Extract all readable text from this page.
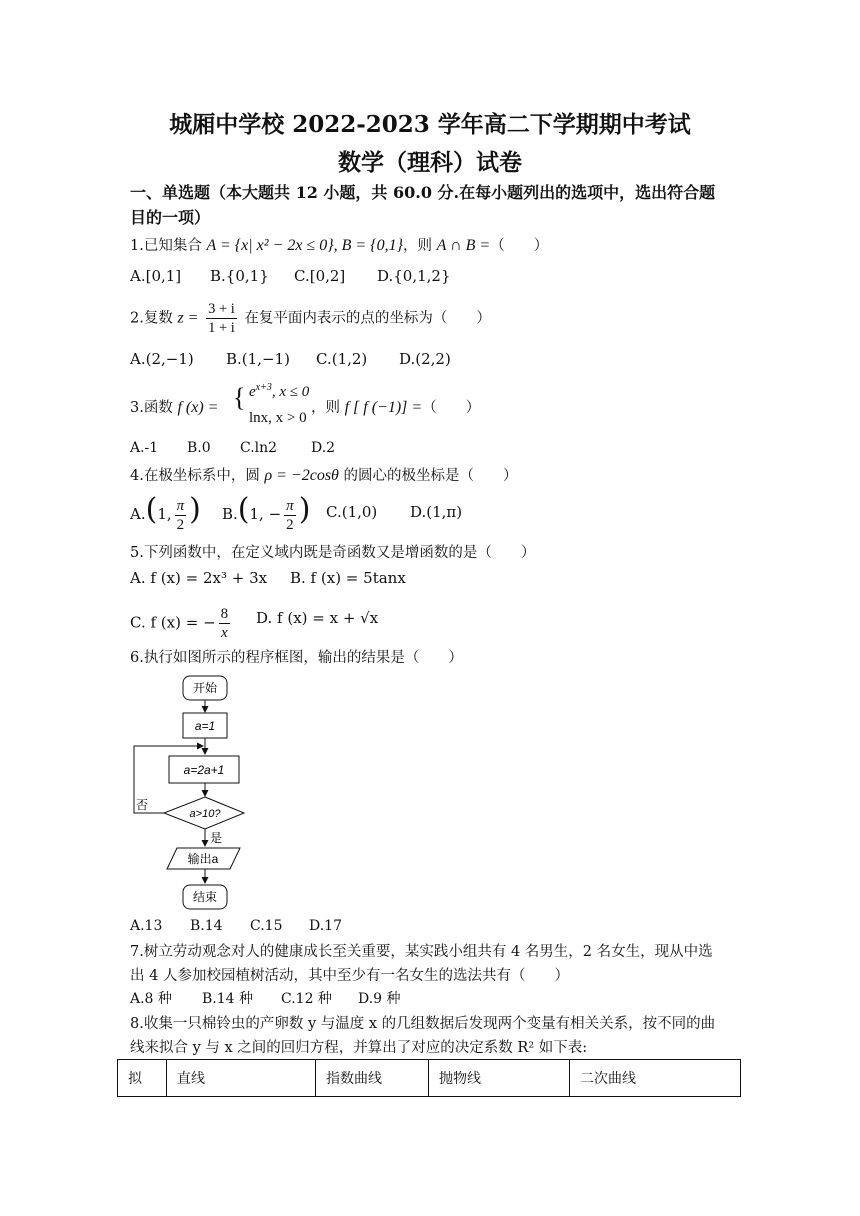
城厢中学校 2022-2023 学年高二下学期期中考试
数学（理科）试卷
一、单选题（本大题共 12 小题，共 60.0 分.在每小题列出的选项中，选出符合题
目的一项）
1.已知集合 A = {x| x² − 2x ≤ 0}, B = {0,1}，则 A ∩ B =（　　）
A.[0,1] B.{0,1} C.[0,2] D.{0,1,2}
2.复数 $z = \frac{3 + i}{1 + i}$ 在复平面内表示的点的坐标为（　　）
A.(2,−1) B.(1,−1) C.(1,2) D.(2,2)
3.函数 f (x) = { $e^{x+3}$, x ≤ 0
lnx, x > 0
，则 f [ f (−1)] =（　　）
A.-1 B.0 C.ln2 D.2
4.在极坐标系中，圆 ρ = −2cosθ 的圆心的极坐标是（　　）
A.(1, $\frac{\pi}{2}$ ) B.(1, − $\frac{\pi}{2}$ ) C.(1,0) D.(1,π)
5.下列函数中，在定义域内既是奇函数又是增函数的是（　　）
A. f (x) = 2x³ + 3x B. f (x) = 5tanx
C. f (x) = − $\frac{8}{x} D$. f (x) = x + √x
6.执行如图所示的程序框图，输出的结果是（　　）
开始
a=1
a=2a+1
a>10?
否
是
输出a
结束
A.13 B.14 C.15 D.17
7.树立劳动观念对人的健康成长至关重要，某实践小组共有 4 名男生，2 名女生，现从中选
出 4 人参加校园植树活动，其中至少有一名女生的选法共有（　　）
A.8 种 B.14 种 C.12 种 D.9 种
8.收集一只棉铃虫的产卵数 y 与温度 x 的几组数据后发现两个变量有相关关系，按不同的曲
线来拟合 y 与 x 之间的回归方程，并算出了对应的决定系数 R² 如下表:
拟	直线	指数曲线	抛物线	二次曲线
